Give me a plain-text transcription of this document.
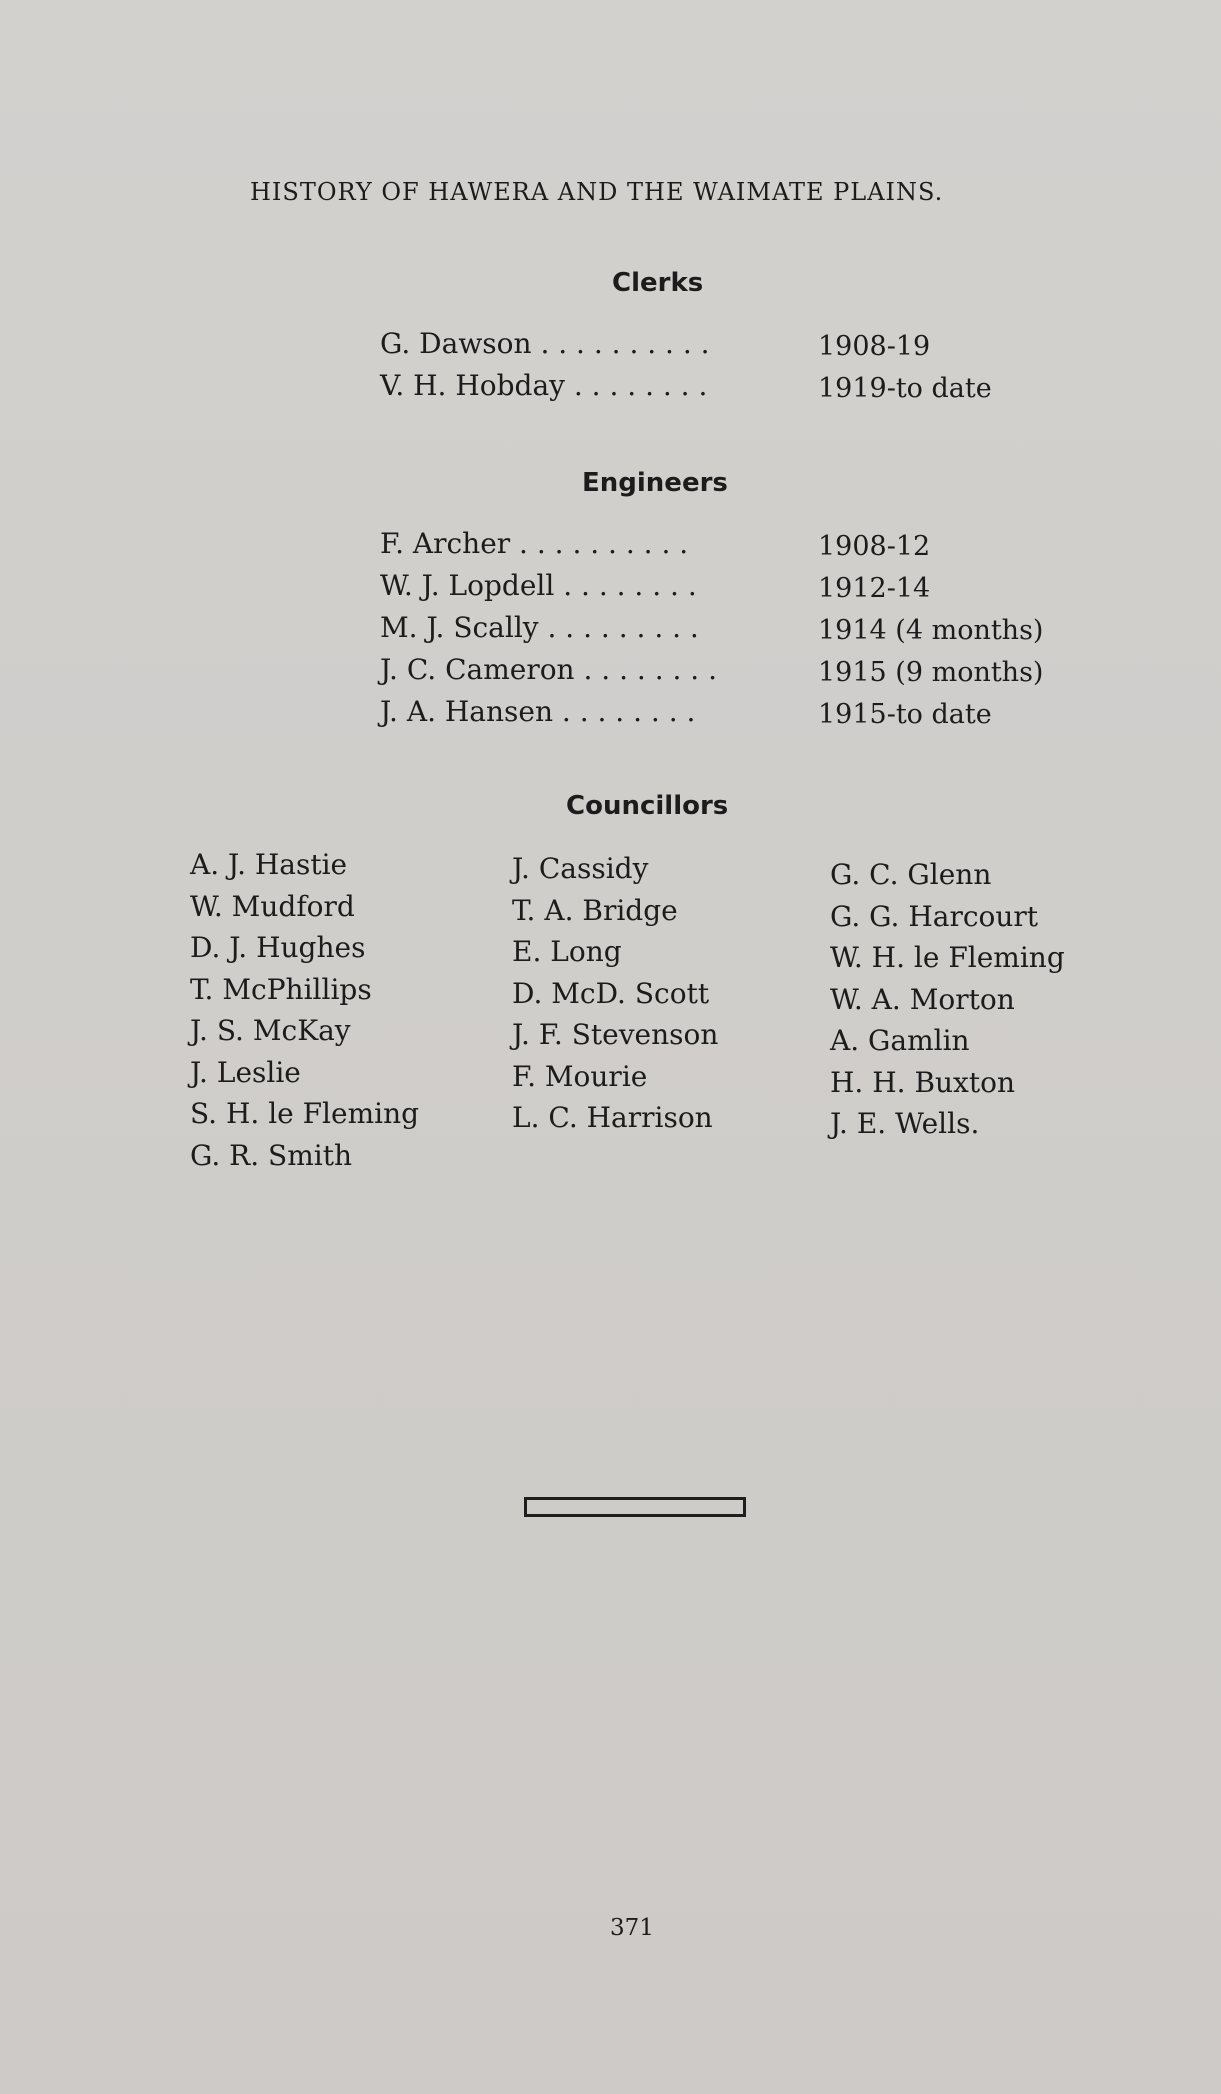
HISTORY OF HAWERA AND THE WAIMATE PLAINS.
Clerks
G. Dawson . . . . . . . . . .	1908-19
V. H. Hobday . . . . . . . .	1919-to date
Engineers
F. Archer . . . . . . . . . .	1908-12
W. J. Lopdell . . . . . . . .	1912-14
M. J. Scally . . . . . . . . .	1914 (4 months)
J. C. Cameron . . . . . . . .	1915 (9 months)
J. A. Hansen . . . . . . . .	1915-to date
Councillors
A. J. Hastie
W. Mudford
D. J. Hughes
T. McPhillips
J. S. McKay
J. Leslie
S. H. le Fleming
G. R. Smith
J. Cassidy
T. A. Bridge
E. Long
D. McD. Scott
J. F. Stevenson
F. Mourie
L. C. Harrison
G. C. Glenn
G. G. Harcourt
W. H. le Fleming
W. A. Morton
A. Gamlin
H. H. Buxton
J. E. Wells.
371
